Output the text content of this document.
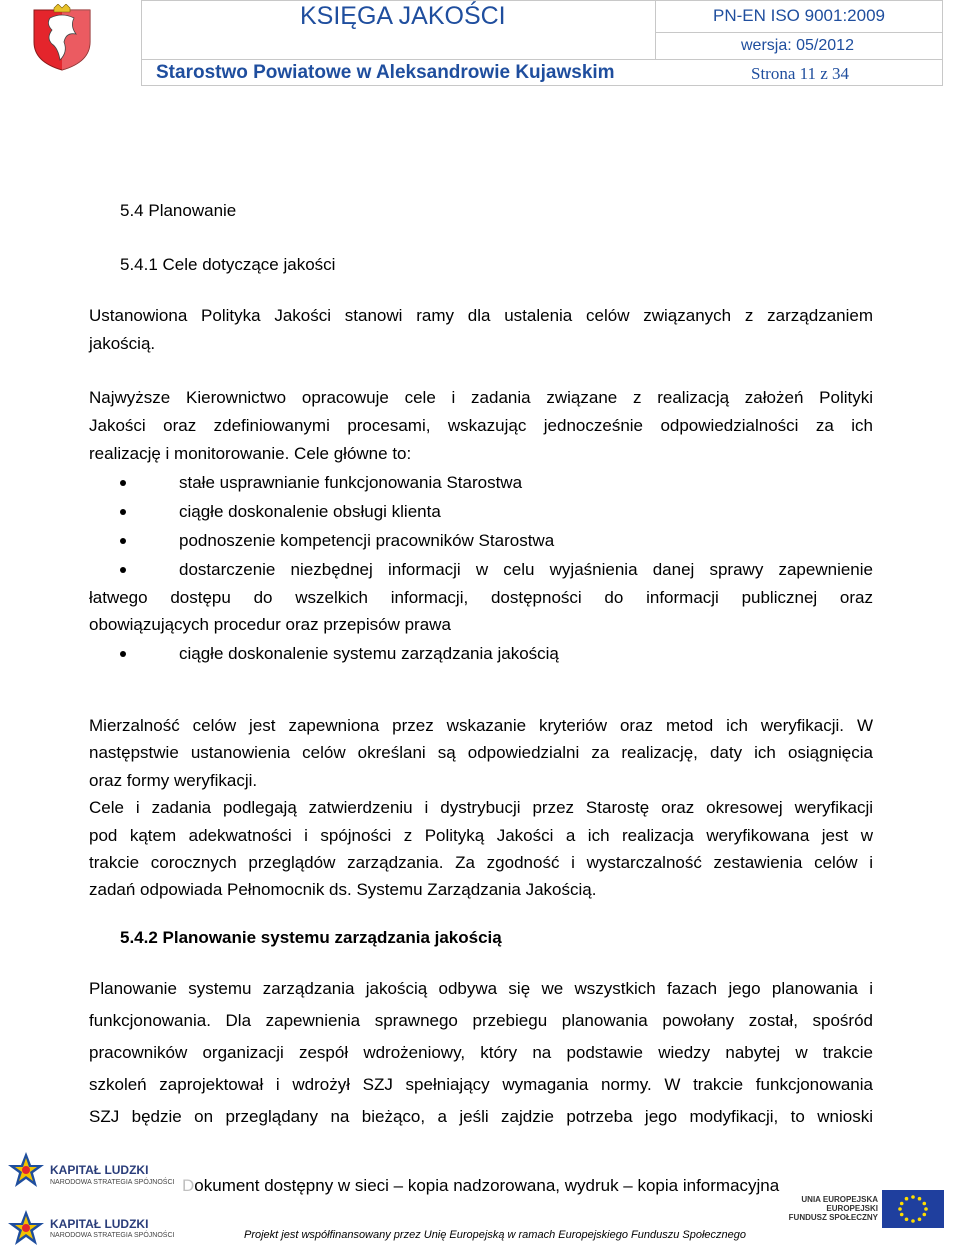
KSIĘGA JAKOŚCI	PN-EN ISO 9001:2009
wersja: 05/2012
Starostwo Powiatowe w Aleksandrowie Kujawskim	Strona 11 z 34
5.4 Planowanie
5.4.1 Cele dotyczące jakości
Ustanowiona Polityka Jakości stanowi ramy dla ustalenia celów związanych z zarządzaniem
jakością.
Najwyższe Kierownictwo opracowuje cele i zadania związane z realizacją założeń Polityki
Jakości oraz zdefiniowanymi procesami, wskazując jednocześnie odpowiedzialności za ich
realizację i monitorowanie. Cele główne to:
stałe usprawnianie funkcjonowania Starostwa
ciągłe doskonalenie obsługi klienta
podnoszenie kompetencji pracowników Starostwa
dostarczenie niezbędnej informacji w celu wyjaśnienia danej sprawy zapewnienie
łatwego dostępu do wszelkich informacji, dostępności do informacji publicznej oraz
obowiązujących procedur oraz przepisów prawa
ciągłe doskonalenie systemu zarządzania jakością
Mierzalność celów jest zapewniona przez wskazanie kryteriów oraz metod ich weryfikacji. W
następstwie ustanowienia celów określani są odpowiedzialni za realizację, daty ich osiągnięcia
oraz formy weryfikacji.
Cele i zadania podlegają zatwierdzeniu i dystrybucji przez Starostę oraz okresowej weryfikacji
pod kątem adekwatności i spójności z Polityką Jakości a ich realizacja weryfikowana jest w
trakcie corocznych przeglądów zarządzania. Za zgodność i wystarczalność zestawienia celów i
zadań odpowiada Pełnomocnik ds. Systemu Zarządzania Jakością.
5.4.2 Planowanie systemu zarządzania jakością
Planowanie systemu zarządzania jakością odbywa się we wszystkich fazach jego planowania i
funkcjonowania. Dla zapewnienia sprawnego przebiegu planowania powołany został, spośród
pracowników organizacji zespół wdrożeniowy, który na podstawie wiedzy nabytej w trakcie
szkoleń zaprojektował i wdrożył SZJ spełniający wymagania normy. W trakcie funkcjonowania
SZJ będzie on przeglądany na bieżąco, a jeśli zajdzie potrzeba jego modyfikacji, to wnioski
KAPITAŁ LUDZKI
NARODOWA STRATEGIA SPÓJNOŚCI
KAPITAŁ LUDZKI
NARODOWA STRATEGIA SPÓJNOŚCI
Dokument dostępny w sieci – kopia nadzorowana, wydruk – kopia informacyjna
Projekt jest współfinansowany przez Unię Europejską w ramach Europejskiego Funduszu Społecznego
UNIA EUROPEJSKA
EUROPEJSKI
FUNDUSZ SPOŁECZNY
